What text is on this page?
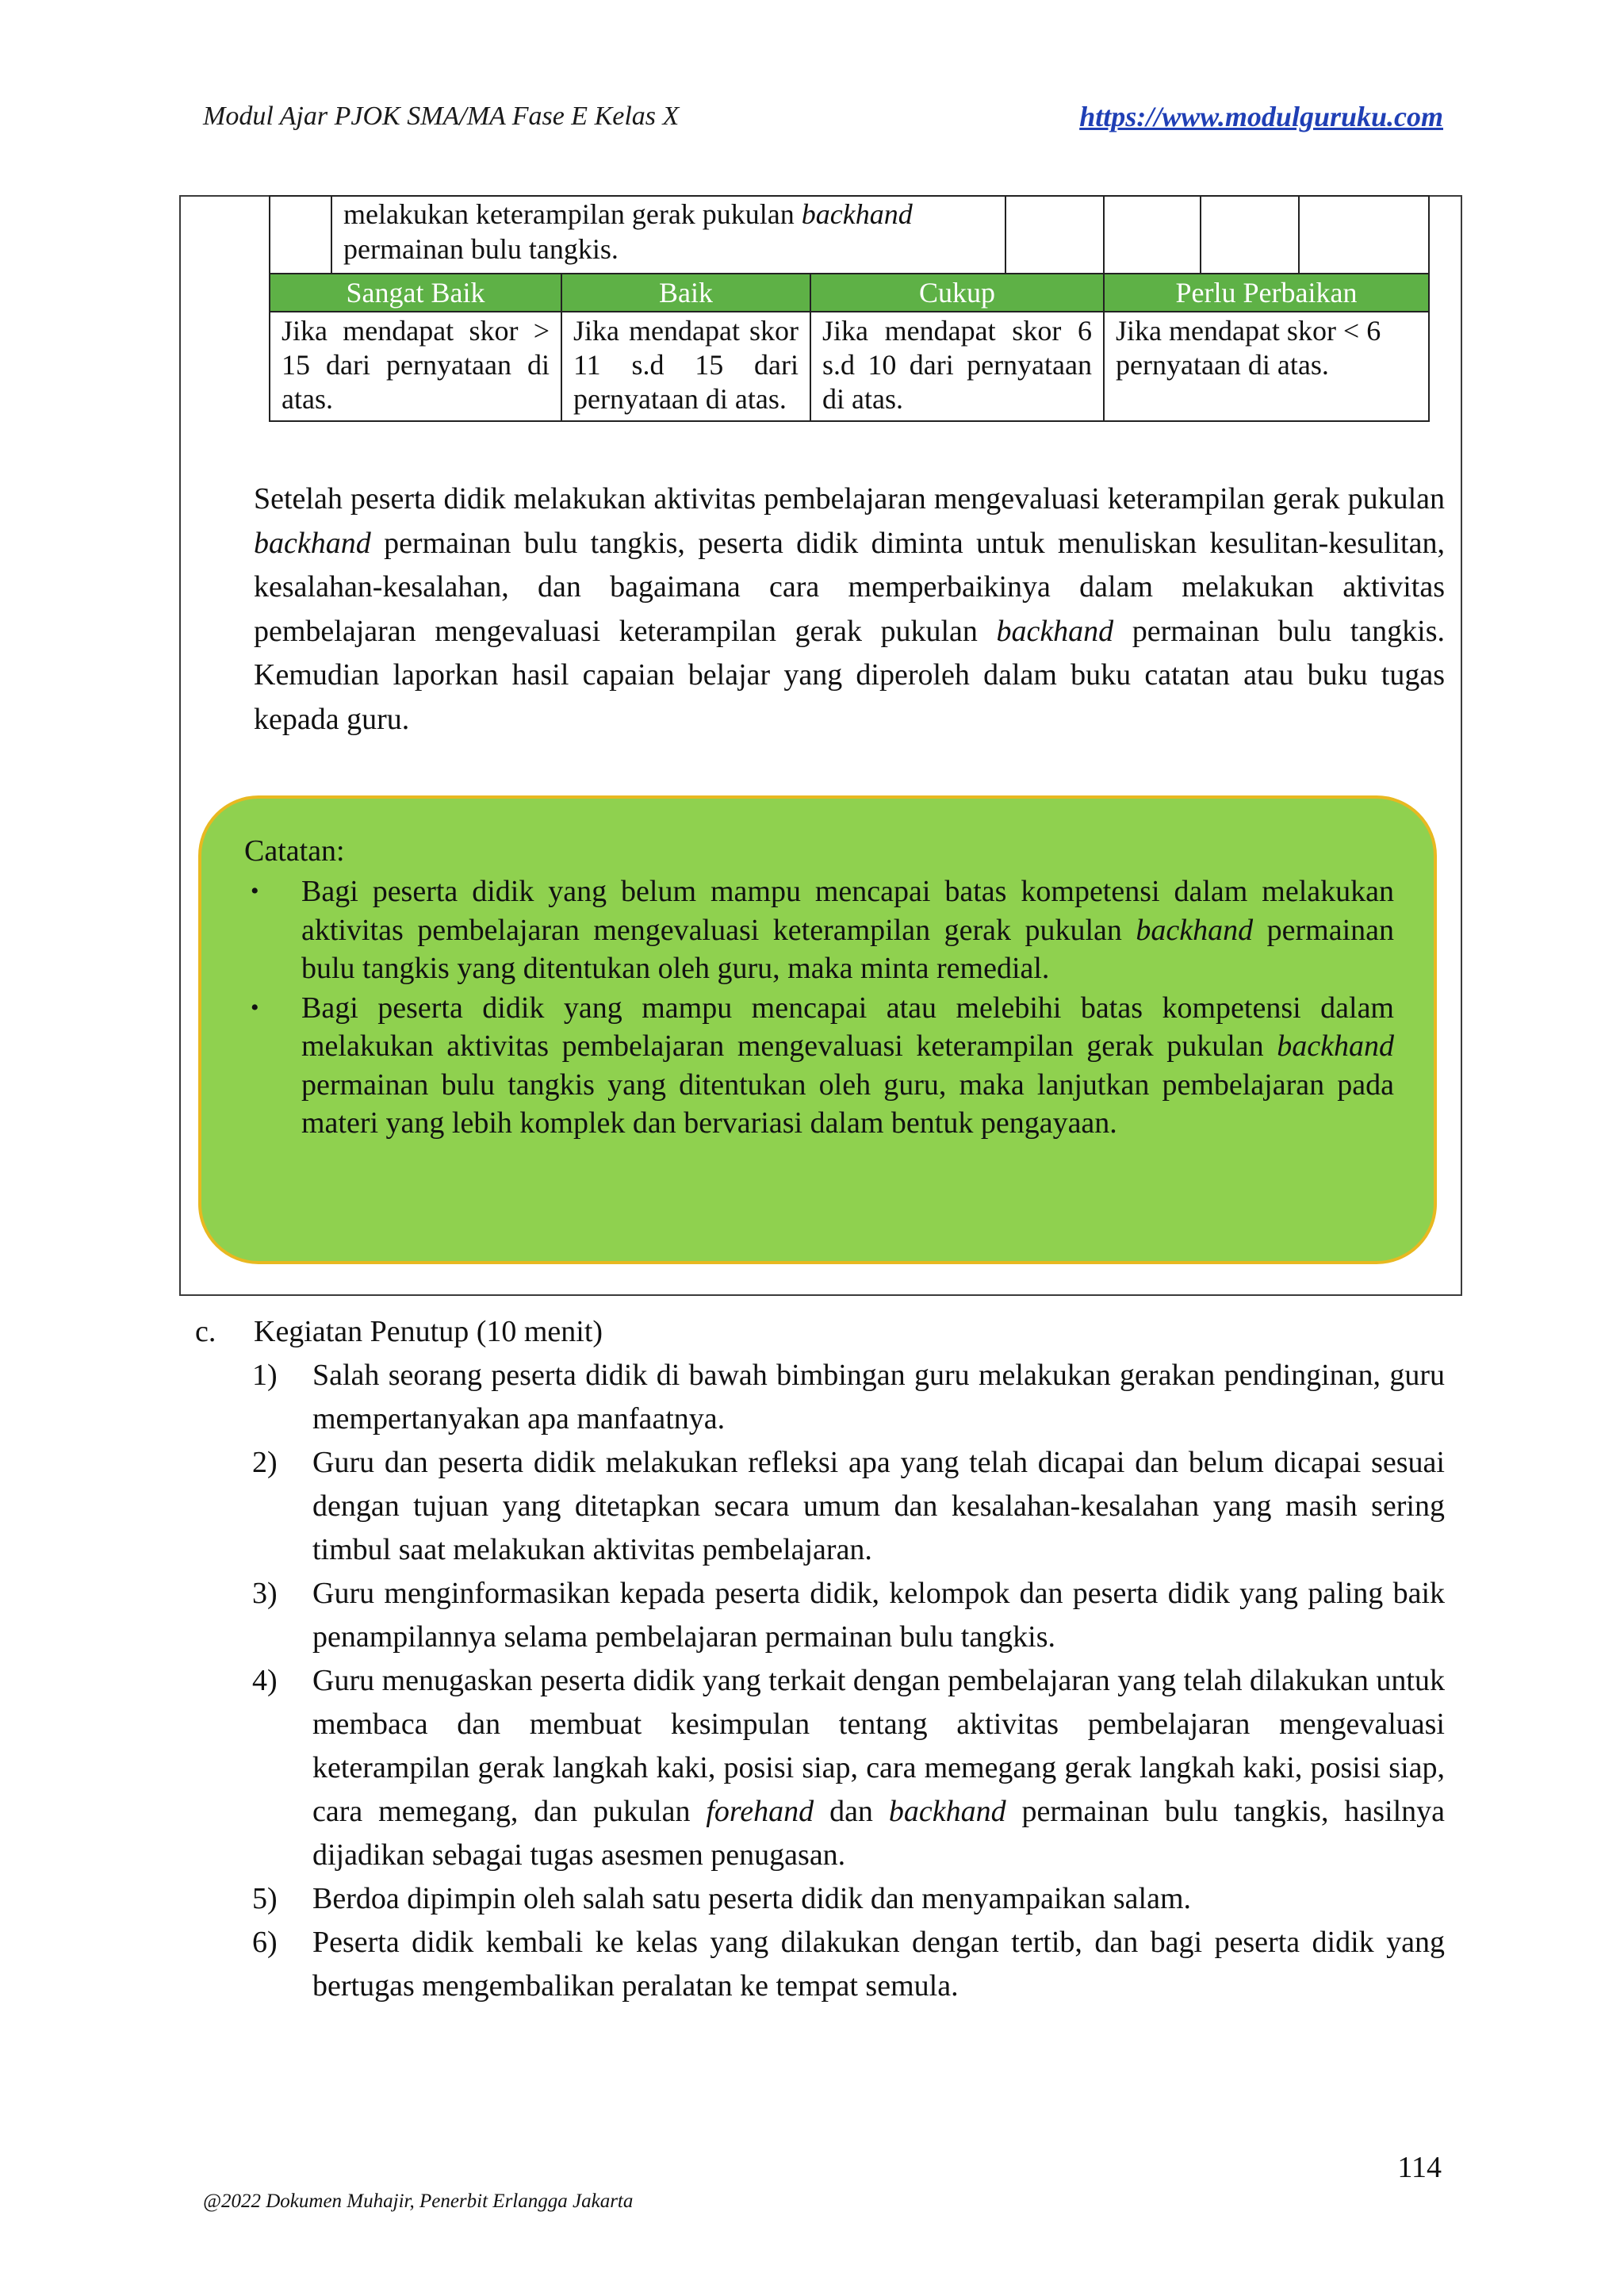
Modul Ajar PJOK SMA/MA Fase E Kelas X	https://www.modulguruku.com
	melakukan keterampilan gerak pukulan backhand
permainan bulu tangkis.						
Sangat Baik		Baik	Cukup		Perlu Perbaikan		
Jika mendapat skor > 15 dari pernyataan di atas.		Jika mendapat skor 11 s.d 15 dari pernyataan di atas.	Jika mendapat skor 6 s.d 10 dari pernyataan di atas.		Jika mendapat skor < 6 pernyataan di atas.		

Setelah peserta didik melakukan aktivitas pembelajaran mengevaluasi keterampilan gerak pukulan backhand permainan bulu tangkis, peserta didik diminta untuk menuliskan kesulitan-kesulitan, kesalahan-kesalahan, dan bagaimana cara memperbaikinya dalam melakukan aktivitas pembelajaran mengevaluasi keterampilan gerak pukulan backhand permainan bulu tangkis. Kemudian laporkan hasil capaian belajar yang diperoleh dalam buku catatan atau buku tugas kepada guru.

Catatan:
• Bagi peserta didik yang belum mampu mencapai batas kompetensi dalam melakukan aktivitas pembelajaran mengevaluasi keterampilan gerak pukulan backhand permainan bulu tangkis yang ditentukan oleh guru, maka minta remedial.
• Bagi peserta didik yang mampu mencapai atau melebihi batas kompetensi dalam melakukan aktivitas pembelajaran mengevaluasi keterampilan gerak pukulan backhand permainan bulu tangkis yang ditentukan oleh guru, maka lanjutkan pembelajaran pada materi yang lebih komplek dan bervariasi dalam bentuk pengayaan.
c. Kegiatan Penutup (10 menit)
1) Salah seorang peserta didik di bawah bimbingan guru melakukan gerakan pendinginan, guru mempertanyakan apa manfaatnya.
2) Guru dan peserta didik melakukan refleksi apa yang telah dicapai dan belum dicapai sesuai dengan tujuan yang ditetapkan secara umum dan kesalahan-kesalahan yang masih sering timbul saat melakukan aktivitas pembelajaran.
3) Guru menginformasikan kepada peserta didik, kelompok dan peserta didik yang paling baik penampilannya selama pembelajaran permainan bulu tangkis.
4) Guru menugaskan peserta didik yang terkait dengan pembelajaran yang telah dilakukan untuk membaca dan membuat kesimpulan tentang aktivitas pembelajaran mengevaluasi keterampilan gerak langkah kaki, posisi siap, cara memegang gerak langkah kaki, posisi siap, cara memegang, dan pukulan forehand dan backhand permainan bulu tangkis, hasilnya dijadikan sebagai tugas asesmen penugasan.
5) Berdoa dipimpin oleh salah satu peserta didik dan menyampaikan salam.
6) Peserta didik kembali ke kelas yang dilakukan dengan tertib, dan bagi peserta didik yang bertugas mengembalikan peralatan ke tempat semula.
114
@2022 Dokumen Muhajir, Penerbit Erlangga Jakarta
